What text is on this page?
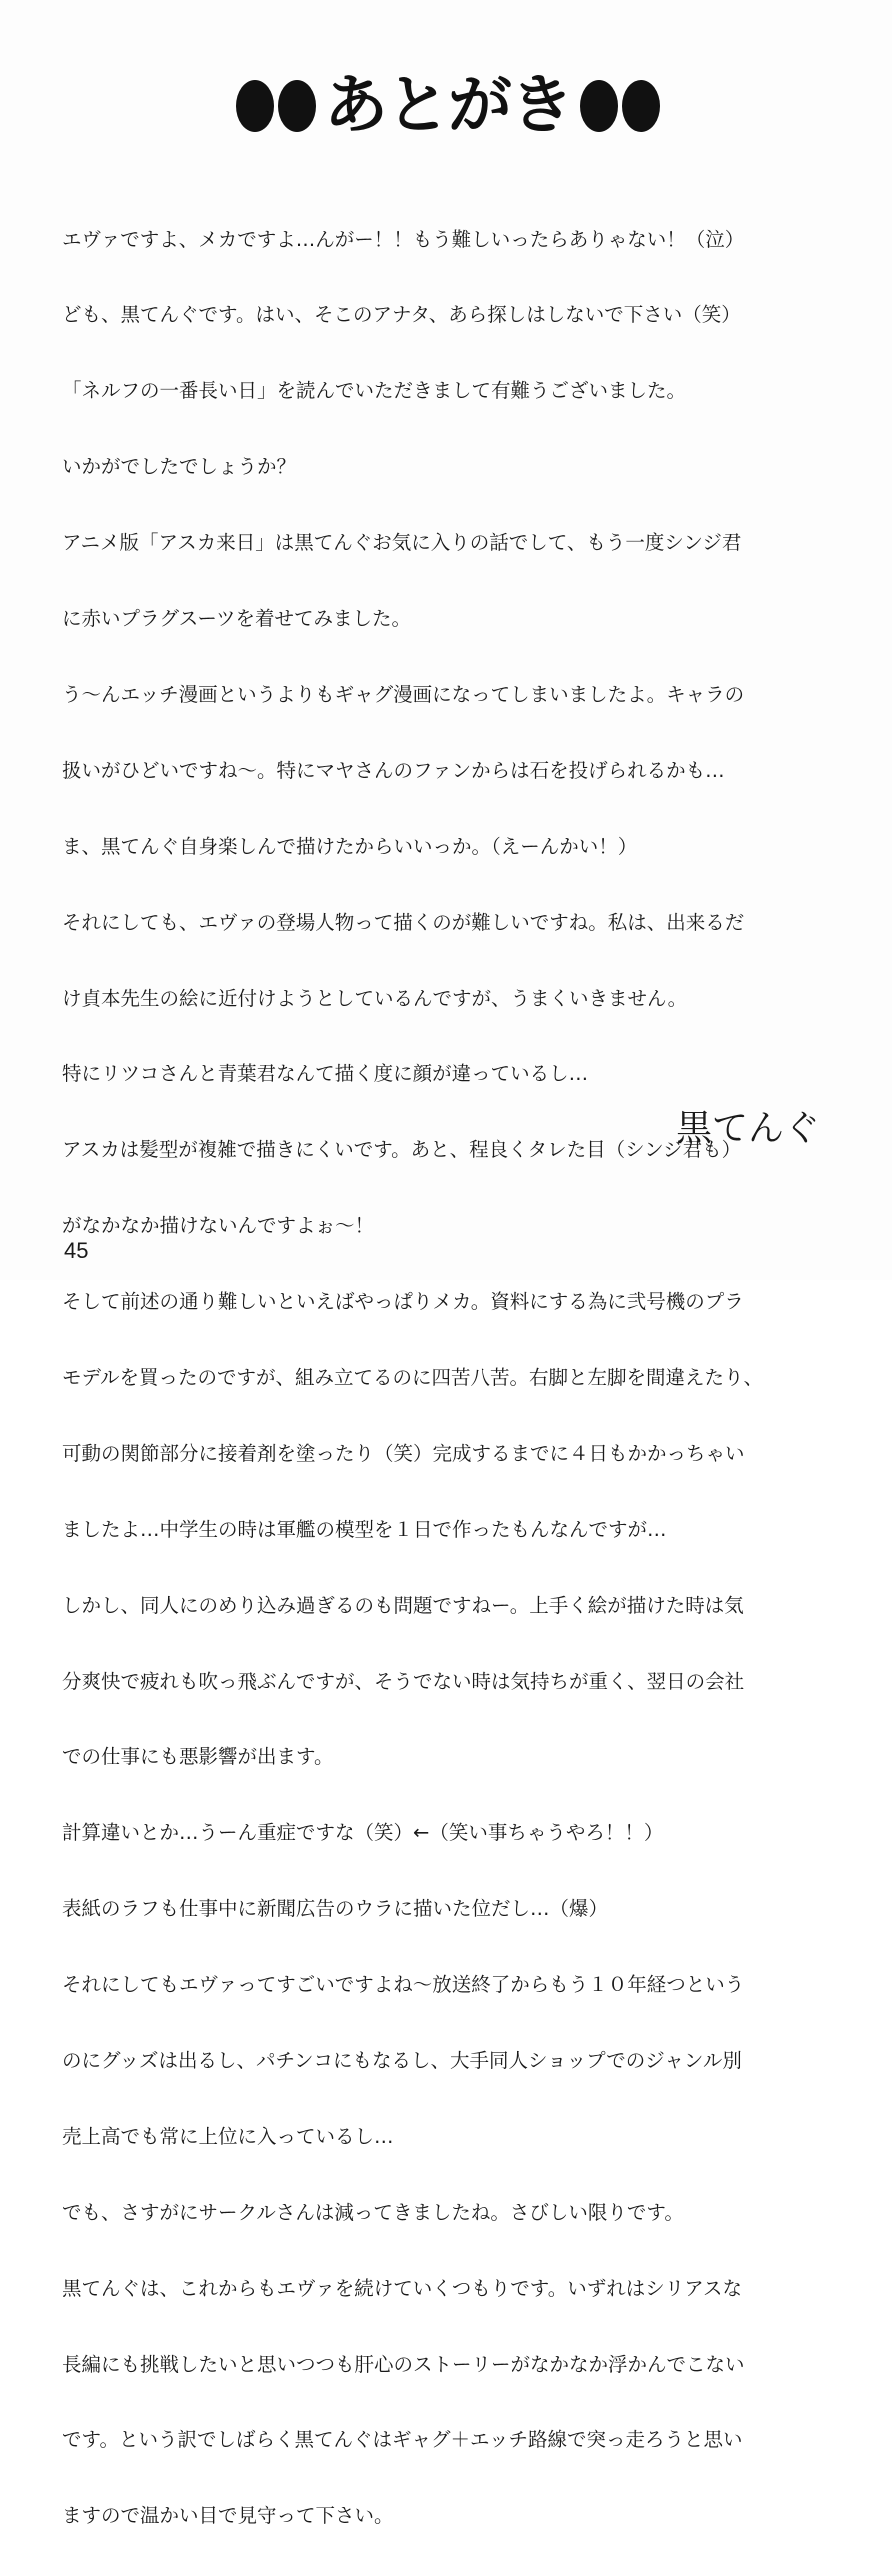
あとがき

エヴァですよ、メカですよ…んがー！！もう難しいったらありゃない！（泣）

ども、黒てんぐです。はい、そこのアナタ、あら探しはしないで下さい（笑）

「ネルフの一番長い日」を読んでいただきまして有難うございました。

いかがでしたでしょうか？

アニメ版「アスカ来日」は黒てんぐお気に入りの話でして、もう一度シンジ君

に赤いプラグスーツを着せてみました。

う～んエッチ漫画というよりもギャグ漫画になってしまいましたよ。キャラの

扱いがひどいですね～。特にマヤさんのファンからは石を投げられるかも…

ま、黒てんぐ自身楽しんで描けたからいいっか。（えーんかい！）

それにしても、エヴァの登場人物って描くのが難しいですね。私は、出来るだ

け貞本先生の絵に近付けようとしているんですが、うまくいきません。

特にリツコさんと青葉君なんて描く度に顔が違っているし…

アスカは髪型が複雑で描きにくいです。あと、程良くタレた目（シンジ君も）

がなかなか描けないんですよぉ～！

そして前述の通り難しいといえばやっぱりメカ。資料にする為に弐号機のプラ

モデルを買ったのですが、組み立てるのに四苦八苦。右脚と左脚を間違えたり、

可動の関節部分に接着剤を塗ったり（笑）完成するまでに４日もかかっちゃい

ましたよ…中学生の時は軍艦の模型を１日で作ったもんなんですが…

しかし、同人にのめり込み過ぎるのも問題ですねー。上手く絵が描けた時は気

分爽快で疲れも吹っ飛ぶんですが、そうでない時は気持ちが重く、翌日の会社

での仕事にも悪影響が出ます。

計算違いとか…うーん重症ですな（笑）←（笑い事ちゃうやろ！！）

表紙のラフも仕事中に新聞広告のウラに描いた位だし…（爆）

それにしてもエヴァってすごいですよね～放送終了からもう１０年経つという

のにグッズは出るし、パチンコにもなるし、大手同人ショップでのジャンル別

売上高でも常に上位に入っているし…

でも、さすがにサークルさんは減ってきましたね。さびしい限りです。

黒てんぐは、これからもエヴァを続けていくつもりです。いずれはシリアスな

長編にも挑戦したいと思いつつも肝心のストーリーがなかなか浮かんでこない

です。という訳でしばらく黒てんぐはギャグ＋エッチ路線で突っ走ろうと思い

ますので温かい目で見守って下さい。

黒てんぐ
45
